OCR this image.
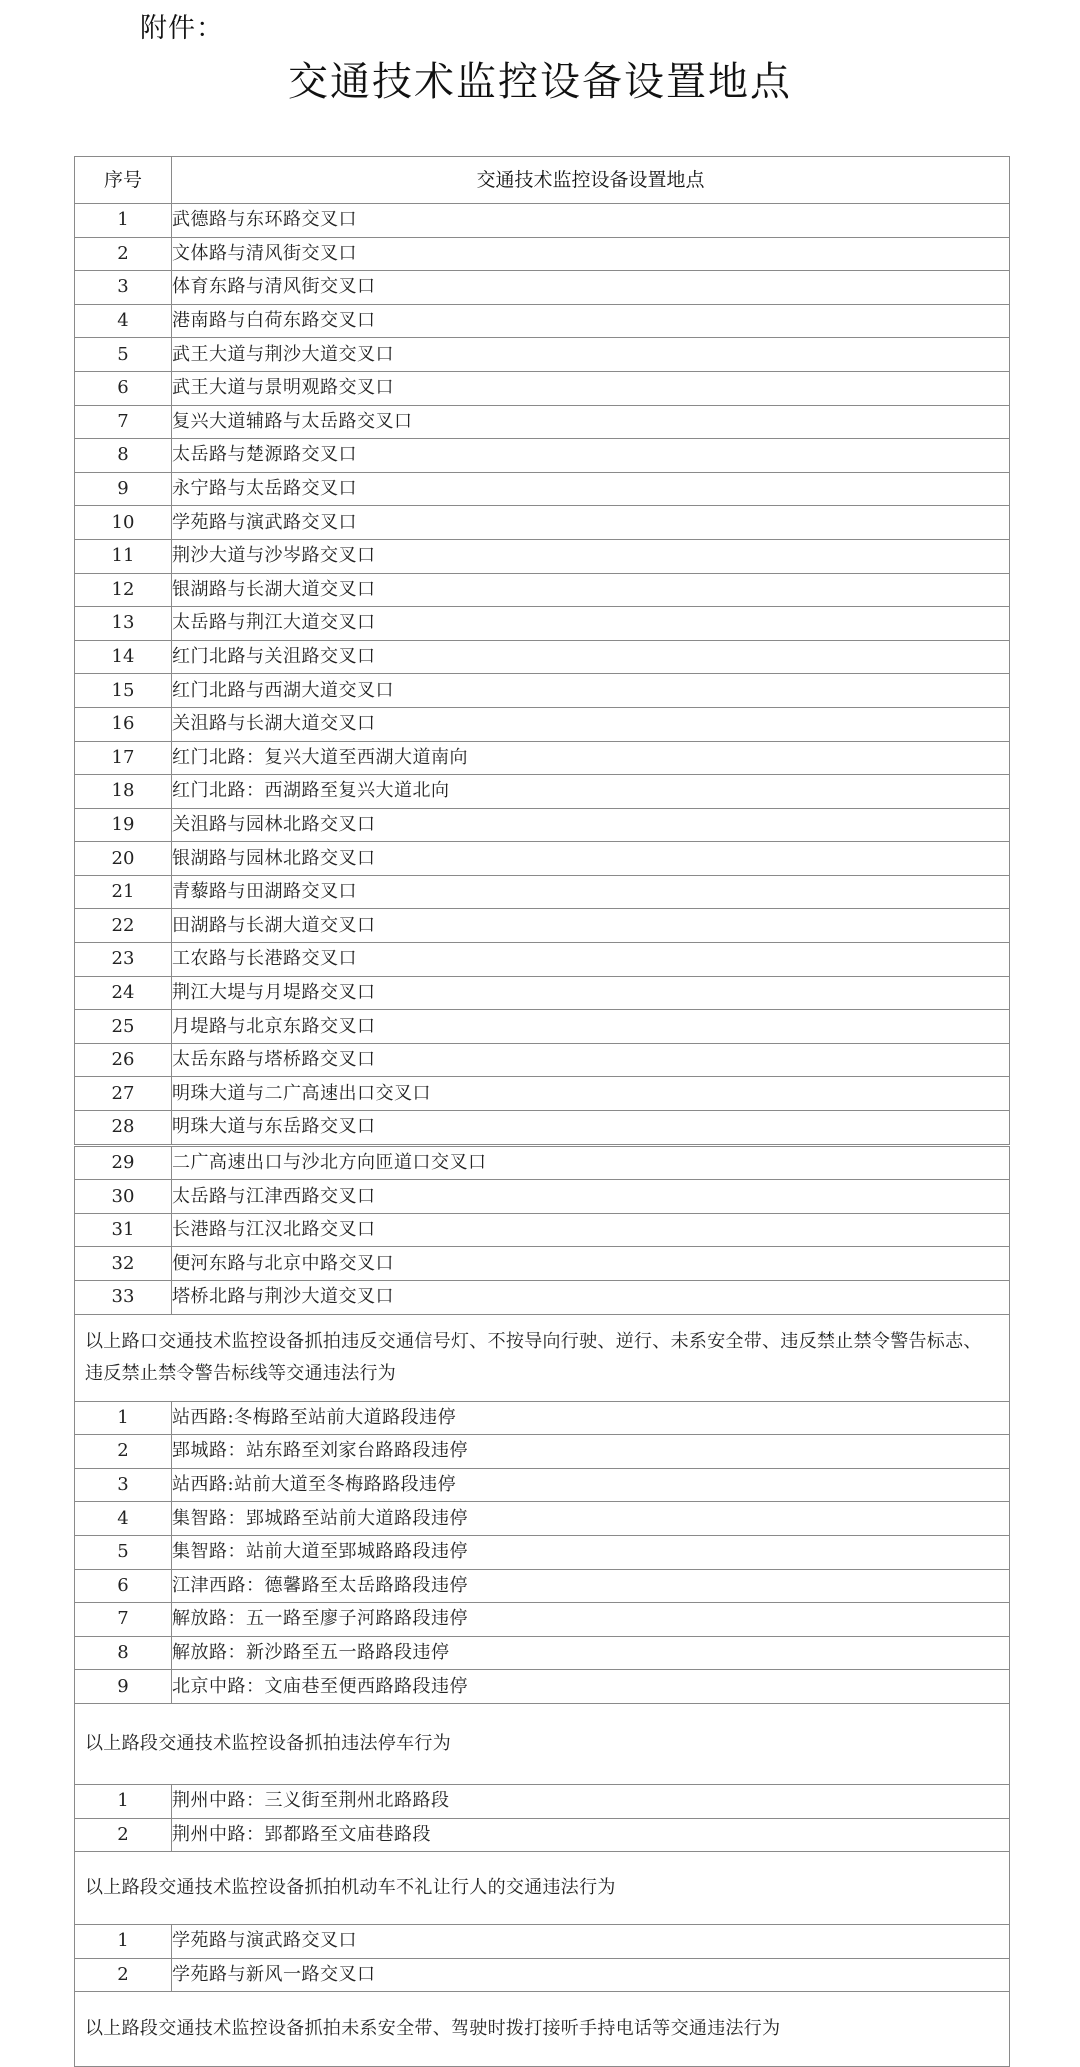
附件：
交通技术监控设备设置地点
序号	交通技术监控设备设置地点
1	武德路与东环路交叉口
2	文体路与清风街交叉口
3	体育东路与清风街交叉口
4	港南路与白荷东路交叉口
5	武王大道与荆沙大道交叉口
6	武王大道与景明观路交叉口
7	复兴大道辅路与太岳路交叉口
8	太岳路与楚源路交叉口
9	永宁路与太岳路交叉口
10	学苑路与演武路交叉口
11	荆沙大道与沙岑路交叉口
12	银湖路与长湖大道交叉口
13	太岳路与荆江大道交叉口
14	红门北路与关沮路交叉口
15	红门北路与西湖大道交叉口
16	关沮路与长湖大道交叉口
17	红门北路：复兴大道至西湖大道南向
18	红门北路：西湖路至复兴大道北向
19	关沮路与园林北路交叉口
20	银湖路与园林北路交叉口
21	青藜路与田湖路交叉口
22	田湖路与长湖大道交叉口
23	工农路与长港路交叉口
24	荆江大堤与月堤路交叉口
25	月堤路与北京东路交叉口
26	太岳东路与塔桥路交叉口
27	明珠大道与二广高速出口交叉口
28	明珠大道与东岳路交叉口
29	二广高速出口与沙北方向匝道口交叉口
30	太岳路与江津西路交叉口
31	长港路与江汉北路交叉口
32	便河东路与北京中路交叉口
33	塔桥北路与荆沙大道交叉口
以上路口交通技术监控设备抓拍违反交通信号灯、不按导向行驶、逆行、未系安全带、违反禁止禁令警告标志、违反禁止禁令警告标线等交通违法行为	
1	站西路:冬梅路至站前大道路段违停
2	郢城路：站东路至刘家台路路段违停
3	站西路:站前大道至冬梅路路段违停
4	集智路：郢城路至站前大道路段违停
5	集智路：站前大道至郢城路路段违停
6	江津西路：德馨路至太岳路路段违停
7	解放路：五一路至廖子河路路段违停
8	解放路：新沙路至五一路路段违停
9	北京中路：文庙巷至便西路路段违停
以上路段交通技术监控设备抓拍违法停车行为	
1	荆州中路：三义街至荆州北路路段
2	荆州中路：郢都路至文庙巷路段
以上路段交通技术监控设备抓拍机动车不礼让行人的交通违法行为	
1	学苑路与演武路交叉口
2	学苑路与新风一路交叉口
以上路段交通技术监控设备抓拍未系安全带、驾驶时拨打接听手持电话等交通违法行为	
